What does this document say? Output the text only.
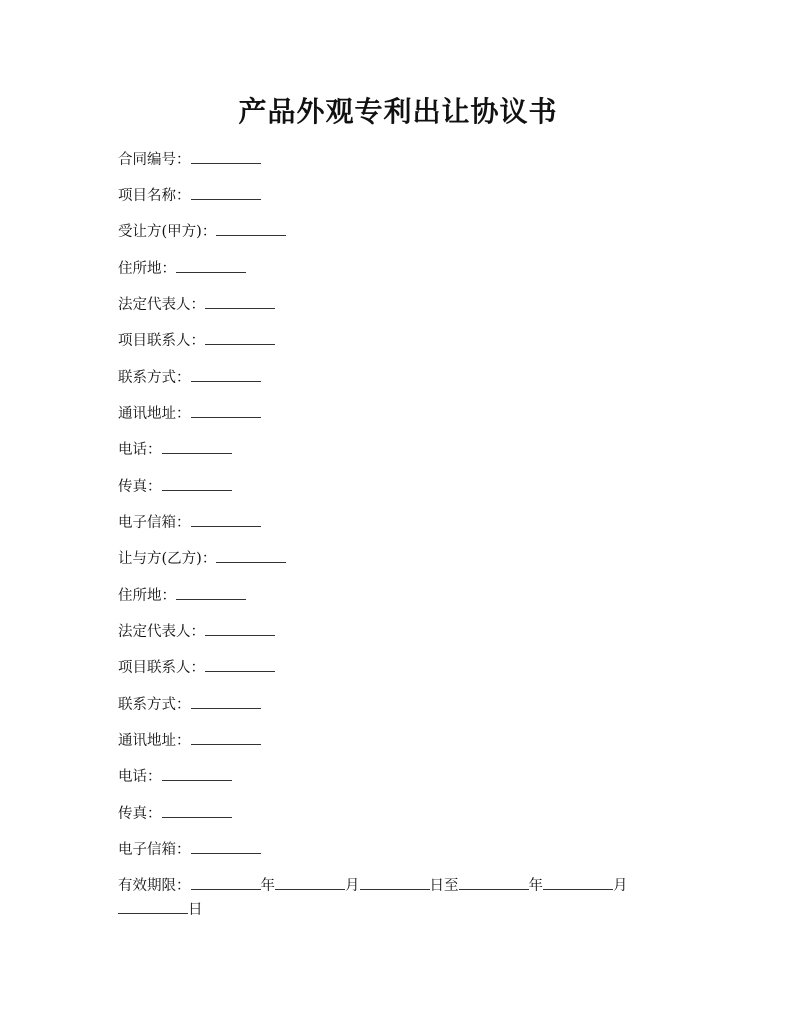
产品外观专利出让协议书
合同编号：
项目名称：
受让方(甲方)：
住所地：
法定代表人：
项目联系人：
联系方式：
通讯地址：
电话：
传真：
电子信箱：
让与方(乙方)：
住所地：
法定代表人：
项目联系人：
联系方式：
通讯地址：
电话：
传真：
电子信箱：
有效期限：	年	月	日至	年	月
日
